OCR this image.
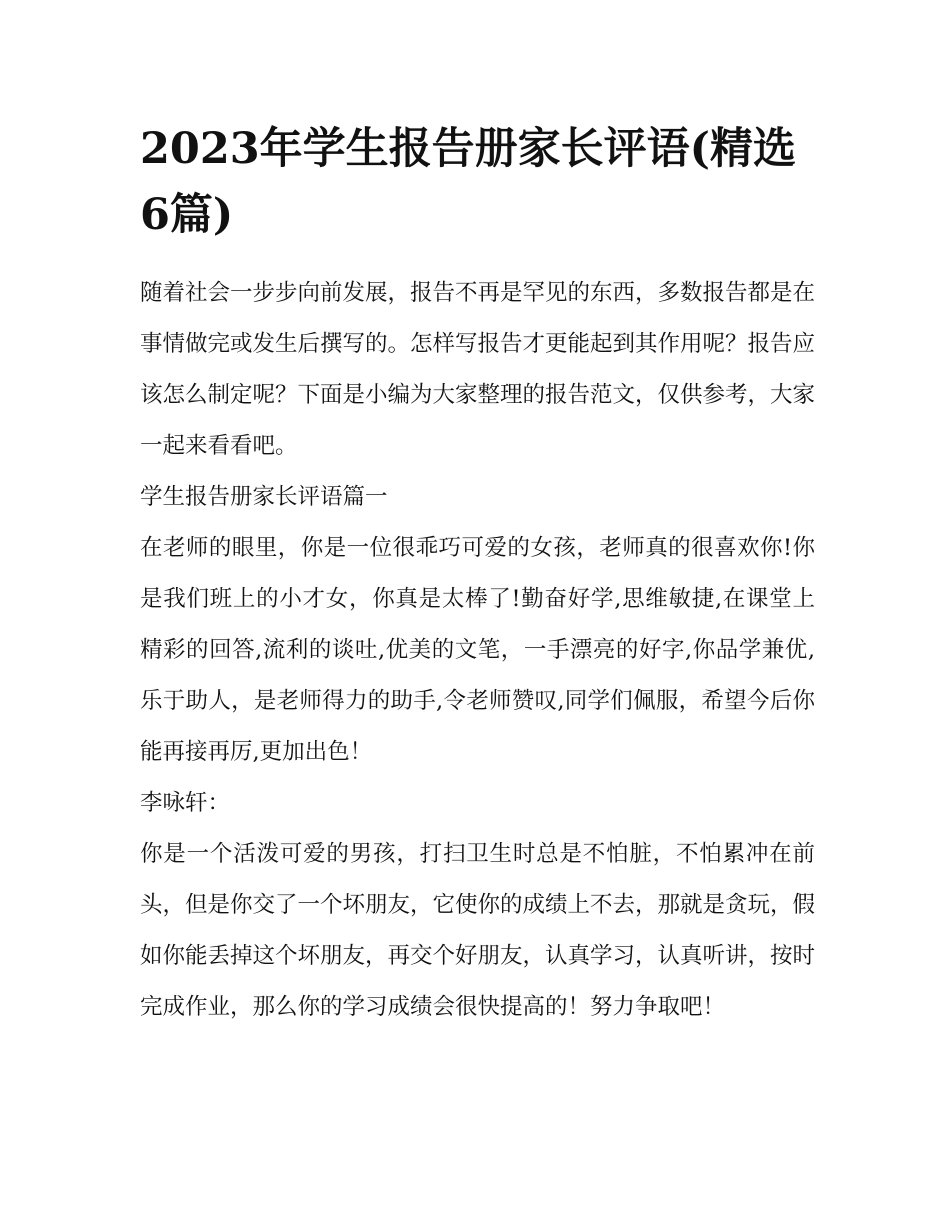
2023年学生报告册家长评语(精选6篇)

随着社会一步步向前发展，报告不再是罕见的东西，多数报告都是在事情做完或发生后撰写的。怎样写报告才更能起到其作用呢？报告应该怎么制定呢？下面是小编为大家整理的报告范文，仅供参考，大家一起来看看吧。

学生报告册家长评语篇一

在老师的眼里，你是一位很乖巧可爱的女孩，老师真的很喜欢你!你是我们班上的小才女，你真是太棒了!勤奋好学,思维敏捷,在课堂上精彩的回答,流利的谈吐,优美的文笔，一手漂亮的好字,你品学兼优,乐于助人，是老师得力的助手,令老师赞叹,同学们佩服，希望今后你能再接再厉,更加出色！

李咏轩：

你是一个活泼可爱的男孩，打扫卫生时总是不怕脏，不怕累冲在前头，但是你交了一个坏朋友，它使你的成绩上不去，那就是贪玩，假如你能丢掉这个坏朋友，再交个好朋友，认真学习，认真听讲，按时完成作业，那么你的学习成绩会很快提高的！努力争取吧！
